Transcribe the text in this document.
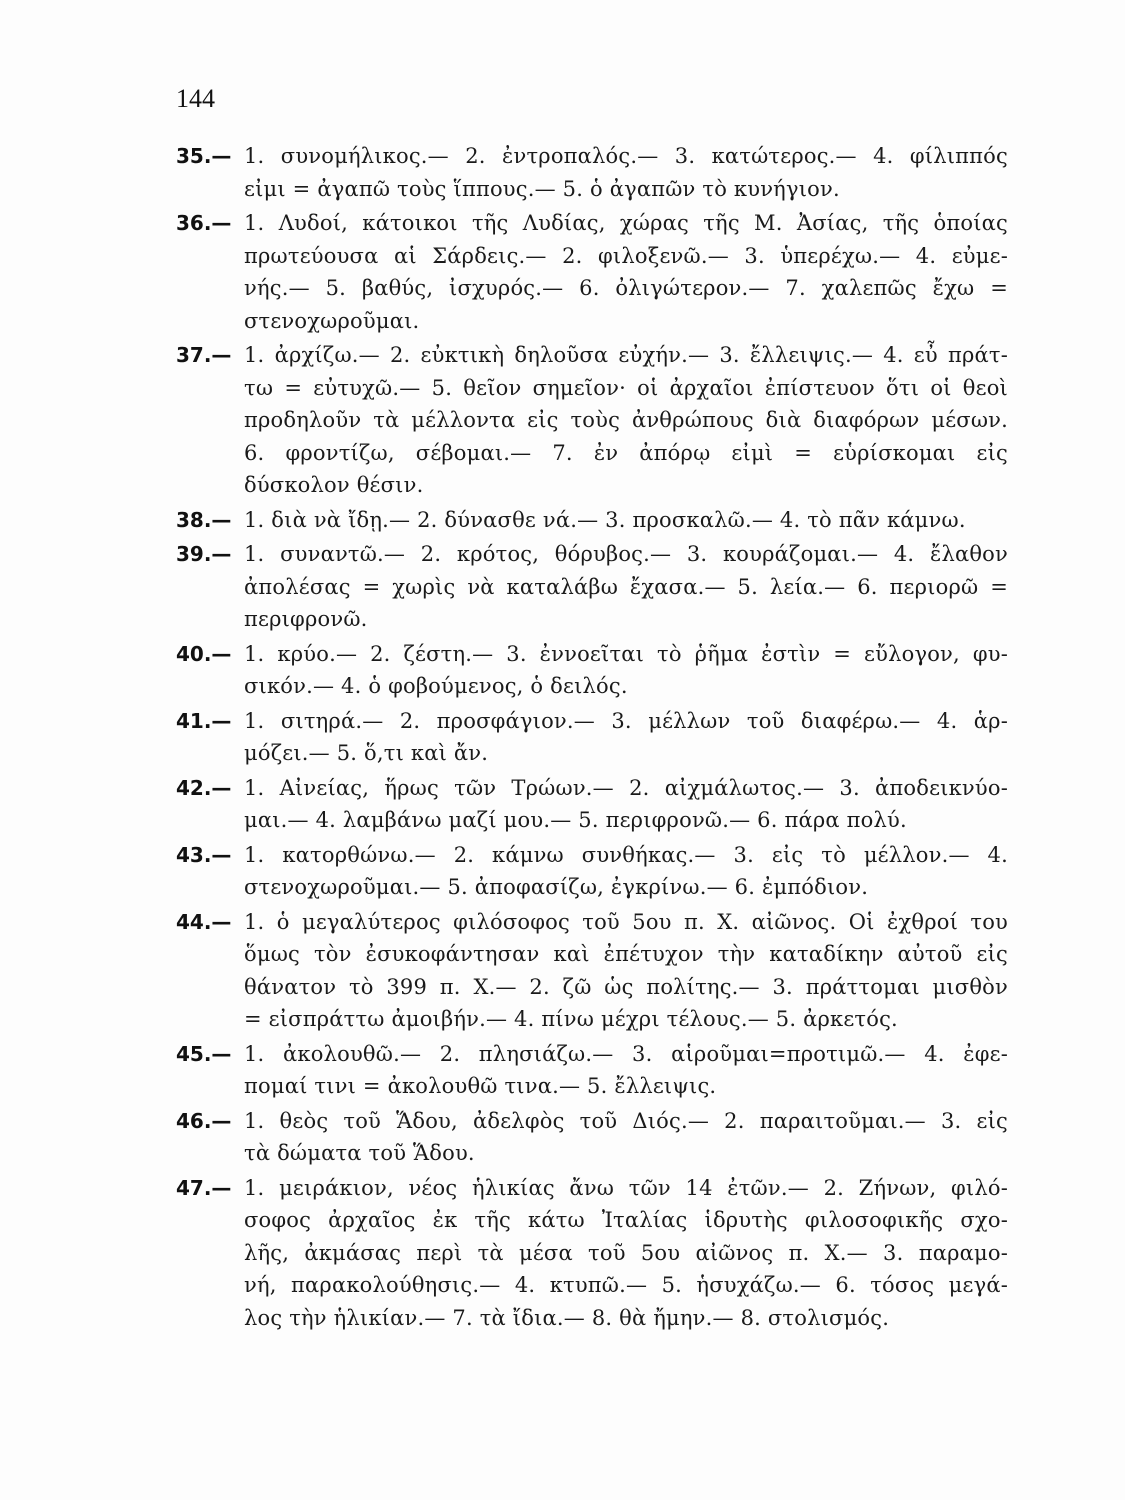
144
35.— 1. συνομήλικος.— 2. ἐντροπαλός.— 3. κατώτερος.— 4. φίλιππός
εἰμι = ἀγαπῶ τοὺς ἵππους.— 5. ὁ ἀγαπῶν τὸ κυνήγιον.
36.— 1. Λυδοί, κάτοικοι τῆς Λυδίας, χώρας τῆς Μ. Ἀσίας, τῆς ὁποίας
πρωτεύουσα αἱ Σάρδεις.— 2. φιλοξενῶ.— 3. ὑπερέχω.— 4. εὐμε-
νής.— 5. βαθύς, ἰσχυρός.— 6. ὀλιγώτερον.— 7. χαλεπῶς ἔχω =
στενοχωροῦμαι.
37.— 1. ἀρχίζω.— 2. εὐκτικὴ δηλοῦσα εὐχήν.— 3. ἔλλειψις.— 4. εὖ πράτ-
τω = εὐτυχῶ.— 5. θεῖον σημεῖον· οἱ ἀρχαῖοι ἐπίστευον ὅτι οἱ θεοὶ
προδηλοῦν τὰ μέλλοντα εἰς τοὺς ἀνθρώπους διὰ διαφόρων μέσων.
6. φροντίζω, σέβομαι.— 7. ἐν ἀπόρῳ εἰμὶ = εὑρίσκομαι εἰς
δύσκολον θέσιν.
38.— 1. διὰ νὰ ἴδῃ.— 2. δύνασθε νά.— 3. προσκαλῶ.— 4. τὸ πᾶν κάμνω.
39.— 1. συναντῶ.— 2. κρότος, θόρυβος.— 3. κουράζομαι.— 4. ἔλαθον
ἀπολέσας = χωρὶς νὰ καταλάβω ἔχασα.— 5. λεία.— 6. περιορῶ =
περιφρονῶ.
40.— 1. κρύο.— 2. ζέστη.— 3. ἐννοεῖται τὸ ῥῆμα ἐστὶν = εὔλογον, φυ-
σικόν.— 4. ὁ φοβούμενος, ὁ δειλός.
41.— 1. σιτηρά.— 2. προσφάγιον.— 3. μέλλων τοῦ διαφέρω.— 4. ἁρ-
μόζει.— 5. ὅ,τι καὶ ἄν.
42.— 1. Αἰνείας, ἥρως τῶν Τρώων.— 2. αἰχμάλωτος.— 3. ἀποδεικνύο-
μαι.— 4. λαμβάνω μαζί μου.— 5. περιφρονῶ.— 6. πάρα πολύ.
43.— 1. κατορθώνω.— 2. κάμνω συνθήκας.— 3. εἰς τὸ μέλλον.— 4.
στενοχωροῦμαι.— 5. ἀποφασίζω, ἐγκρίνω.— 6. ἐμπόδιον.
44.— 1. ὁ μεγαλύτερος φιλόσοφος τοῦ 5ου π. Χ. αἰῶνος. Οἱ ἐχθροί του
ὅμως τὸν ἐσυκοφάντησαν καὶ ἐπέτυχον τὴν καταδίκην αὐτοῦ εἰς
θάνατον τὸ 399 π. Χ.— 2. ζῶ ὡς πολίτης.— 3. πράττομαι μισθὸν
= εἰσπράττω ἀμοιβήν.— 4. πίνω μέχρι τέλους.— 5. ἀρκετός.
45.— 1. ἀκολουθῶ.— 2. πλησιάζω.— 3. αἱροῦμαι=προτιμῶ.— 4. ἐφε-
πομαί τινι = ἀκολουθῶ τινα.— 5. ἔλλειψις.
46.— 1. θεὸς τοῦ Ἅδου, ἀδελφὸς τοῦ Διός.— 2. παραιτοῦμαι.— 3. εἰς
τὰ δώματα τοῦ Ἅδου.
47.— 1. μειράκιον, νέος ἡλικίας ἄνω τῶν 14 ἐτῶν.— 2. Ζήνων, φιλό-
σοφος ἀρχαῖος ἐκ τῆς κάτω Ἰταλίας ἱδρυτὴς φιλοσοφικῆς σχο-
λῆς, ἀκμάσας περὶ τὰ μέσα τοῦ 5ου αἰῶνος π. Χ.— 3. παραμο-
νή, παρακολούθησις.— 4. κτυπῶ.— 5. ἡσυχάζω.— 6. τόσος μεγά-
λος τὴν ἡλικίαν.— 7. τὰ ἴδια.— 8. θὰ ἤμην.— 8. στολισμός.
